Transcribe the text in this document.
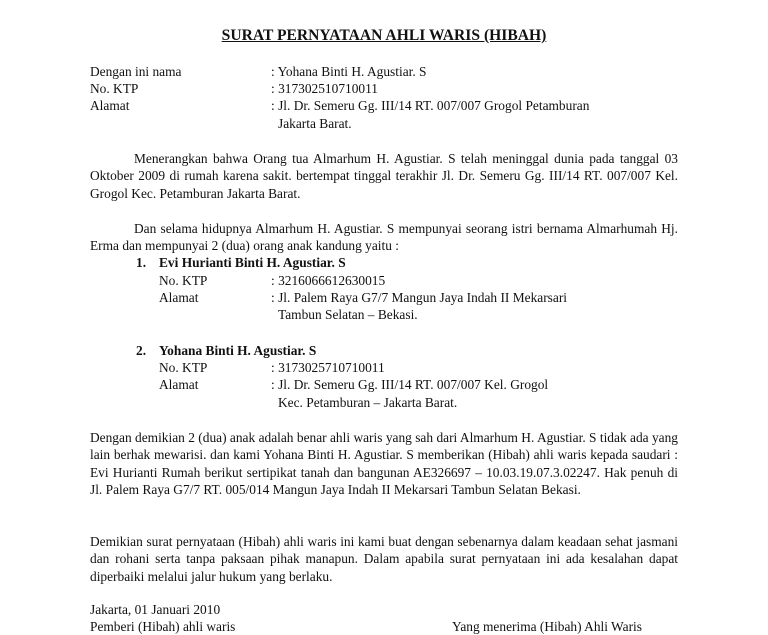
SURAT PERNYATAAN AHLI WARIS (HIBAH)
Dengan ini nama	: Yohana Binti H. Agustiar. S
No. KTP	: 317302510710011
Alamat	: Jl. Dr. Semeru Gg. III/14 RT. 007/007 Grogol Petamburan
Jakarta Barat.
Menerangkan bahwa Orang tua Almarhum H. Agustiar. S telah meninggal dunia pada tanggal 03 Oktober 2009 di rumah karena sakit. bertempat tinggal terakhir Jl. Dr. Semeru Gg. III/14 RT. 007/007 Kel. Grogol Kec. Petamburan Jakarta Barat.
Dan selama hidupnya Almarhum H. Agustiar. S mempunyai seorang istri bernama Almarhumah Hj. Erma dan mempunyai 2 (dua) orang anak kandung yaitu :
1. Evi Hurianti Binti H. Agustiar. S
No. KTP	: 3216066612630015
Alamat	: Jl. Palem Raya G7/7 Mangun Jaya Indah II Mekarsari
Tambun Selatan – Bekasi.
2. Yohana Binti H. Agustiar. S
No. KTP	: 3173025710710011
Alamat	: Jl. Dr. Semeru Gg. III/14 RT. 007/007 Kel. Grogol
Kec. Petamburan – Jakarta Barat.
Dengan demikian 2 (dua) anak adalah benar ahli waris yang sah dari Almarhum H. Agustiar. S tidak ada yang lain berhak mewarisi. dan kami Yohana Binti H. Agustiar. S memberikan (Hibah) ahli waris kepada saudari : Evi Hurianti Rumah berikut sertipikat tanah dan bangunan AE326697 – 10.03.19.07.3.02247. Hak penuh di Jl. Palem Raya G7/7 RT. 005/014 Mangun Jaya Indah II Mekarsari Tambun Selatan Bekasi.
Demikian surat pernyataan (Hibah) ahli waris ini kami buat dengan sebenarnya dalam keadaan sehat jasmani dan rohani serta tanpa paksaan pihak manapun. Dalam apabila surat pernyataan ini ada kesalahan dapat diperbaiki melalui jalur hukum yang berlaku.
Jakarta, 01 Januari 2010
Pemberi (Hibah) ahli waris	Yang menerima (Hibah) Ahli Waris
